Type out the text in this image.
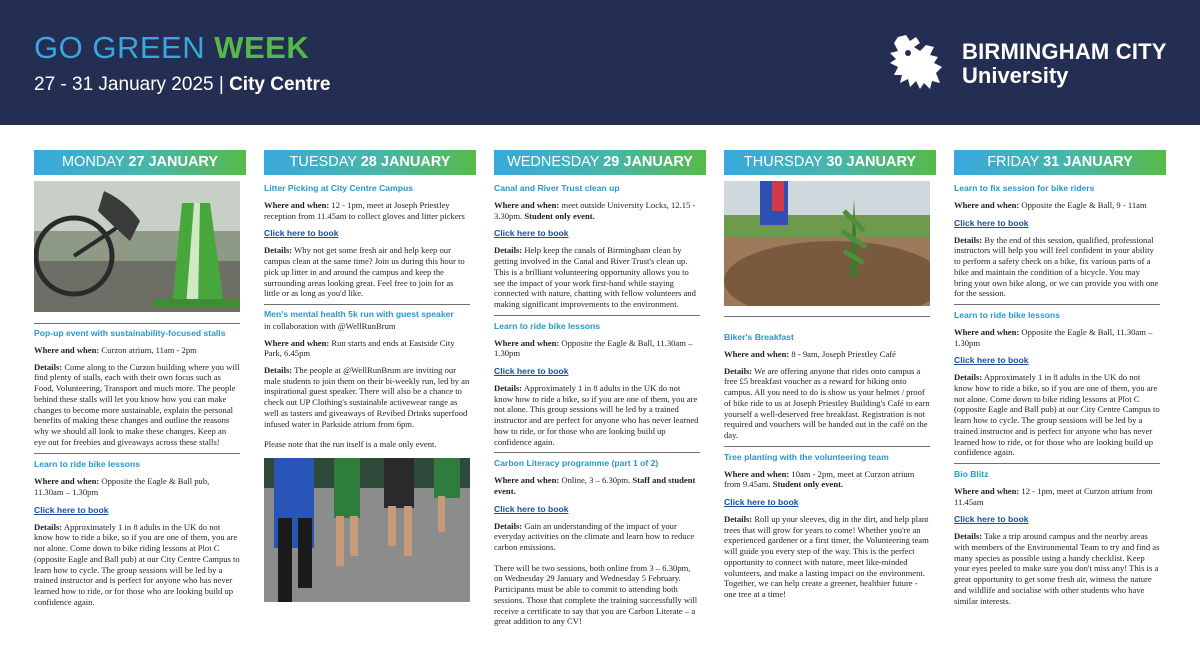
GO GREEN WEEK
27 - 31 January 2025 | City Centre
BIRMINGHAM CITY
University
MONDAY 27 JANUARY
Pop-up event with sustainability-focused stalls
Where and when: Curzon atrium, 11am - 2pm
Details: Come along to the Curzon building where you will find plenty of stalls, each with their own focus such as Food, Volunteering, Transport and much more. The people behind these stalls will let you know how you can make changes to become more sustainable, explain the personal benefits of making these changes and outline the reasons why we should all look to make these changes. Keep an eye out for freebies and giveaways across these stalls!
Learn to ride bike lessons
Where and when: Opposite the Eagle & Ball pub, 11.30am – 1.30pm
Click here to book
Details: Approximately 1 in 8 adults in the UK do not know how to ride a bike, so if you are one of them, you are not alone. Come down to bike riding lessons at Plot C (opposite Eagle and Ball pub) at our City Centre Campus to learn how to cycle. The group sessions will be led by a trained instructor and is perfect for anyone who has never learned how to ride, or for those who are looking build up confidence again.
TUESDAY 28 JANUARY
Litter Picking at City Centre Campus
Where and when: 12 - 1pm, meet at Joseph Priestley reception from 11.45am to collect gloves and litter pickers
Click here to book
Details: Why not get some fresh air and help keep our campus clean at the same time? Join us during this hour to pick up litter in and around the campus and keep the surrounding areas looking great. Feel free to join for as little or as long as you'd like.
Men's mental health 5k run with guest speaker
in collaboration with @WellRunBrum
Where and when: Run starts and ends at Eastside City Park, 6.45pm
Details: The people at @WellRunBrum are inviting our male students to join them on their bi-weekly run, led by an inspirational guest speaker. There will also be a chance to check out UP Clothing's sustainable activewear range as well as tasters and giveaways of Revibed Drinks superfood infused water in Parkside atrium from 6pm.
Please note that the run itself is a male only event.
WEDNESDAY 29 JANUARY
Canal and River Trust clean up
Where and when: meet outside University Locks, 12.15 - 3.30pm. Student only event.
Click here to book
Details: Help keep the canals of Birmingham clean by getting involved in the Canal and River Trust's clean up. This is a brilliant volunteering opportunity allows you to see the impact of your work first-hand while staying connected with nature, chatting with fellow volunteers and making significant improvements to the environment.
Learn to ride bike lessons
Where and when: Opposite the Eagle & Ball, 11.30am – 1.30pm
Click here to book
Details: Approximately 1 in 8 adults in the UK do not know how to ride a bike, so if you are one of them, you are not alone. This group sessions will be led by a trained instructor and are perfect for anyone who has never learned how to ride, or for those who are looking build up confidence again.
Carbon Literacy programme (part 1 of 2)
Where and when: Online, 3 – 6.30pm. Staff and student event.
Click here to book
Details: Gain an understanding of the impact of your everyday activities on the climate and learn how to reduce carbon emissions.
There will be two sessions, both online from 3 – 6.30pm, on Wednesday 29 January and Wednesday 5 February. Participants must be able to commit to attending both sessions. Those that complete the training successfully will receive a certificate to say that you are Carbon Literate – a great addition to any CV!
THURSDAY 30 JANUARY
Biker's Breakfast
Where and when: 8 - 9am, Joseph Priestley Café
Details: We are offering anyone that rides onto campus a free £5 breakfast voucher as a reward for biking onto campus. All you need to do is show us your helmet / proof of bike ride to us at Joseph Priestley Building's Café to earn yourself a well-deserved free breakfast. Registration is not required and vouchers will be handed out in the café on the day.
Tree planting with the volunteering team
Where and when: 10am - 2pm, meet at Curzon atrium from 9.45am. Student only event.
Click here to book
Details: Roll up your sleeves, dig in the dirt, and help plant trees that will grow for years to come! Whether you're an experienced gardener or a first timer, the Volunteering team will guide you every step of the way. This is the perfect opportunity to connect with nature, meet like-minded volunteers, and make a lasting impact on the environment. Together, we can help create a greener, healthier future - one tree at a time!
FRIDAY 31 JANUARY
Learn to fix session for bike riders
Where and when: Opposite the Eagle & Ball, 9 - 11am
Click here to book
Details: By the end of this session, qualified, professional instructors will help you will feel confident in your ability to perform a safety check on a bike, fix various parts of a bike and maintain the condition of a bicycle. You may bring your own bike along, or we can provide you with one for the session.
Learn to ride bike lessons
Where and when: Opposite the Eagle & Ball, 11.30am – 1.30pm
Click here to book
Details: Approximately 1 in 8 adults in the UK do not know how to ride a bike, so if you are one of them, you are not alone. Come down to bike riding lessons at Plot C (opposite Eagle and Ball pub) at our City Centre Campus to learn how to cycle. The group sessions will be led by a trained instructor and is perfect for anyone who has never learned how to ride, or for those who are looking build up confidence again.
Bio Blitz
Where and when: 12 - 1pm, meet at Curzon atrium from 11.45am
Click here to book
Details: Take a trip around campus and the nearby areas with members of the Environmental Team to try and find as many species as possible using a handy checklist. Keep your eyes peeled to make sure you don't miss any! This is a great opportunity to get some fresh air, witness the nature and wildlife and socialise with other students who have similar interests.
